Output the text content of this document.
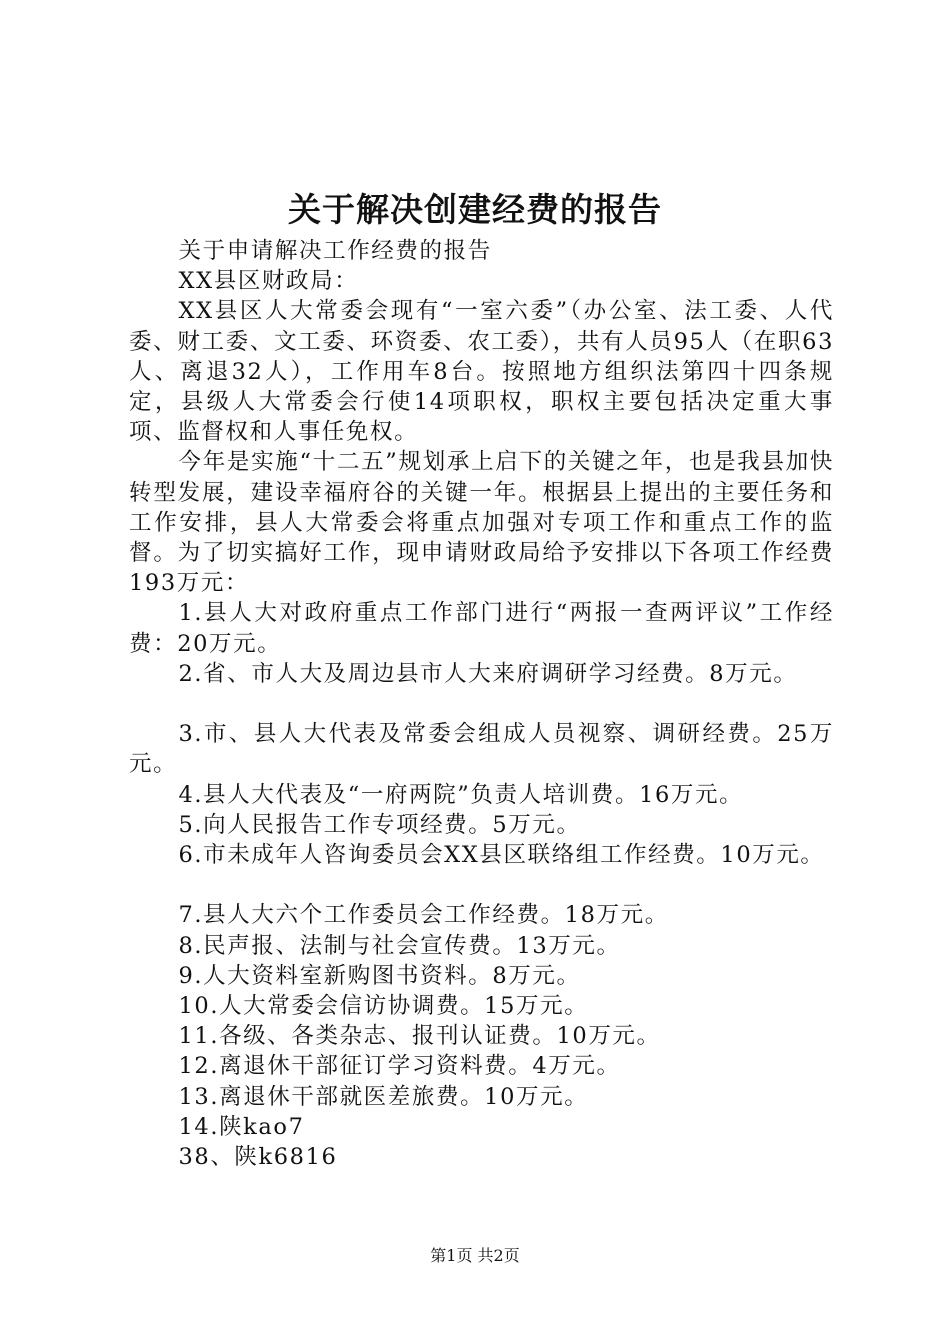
关于解决创建经费的报告

关于申请解决工作经费的报告

XX县区财政局：

XX县区人大常委会现有“一室六委”（办公室、法工委、人代委、财工委、文工委、环资委、农工委），共有人员95人（在职63人、离退32人），工作用车8台。按照地方组织法第四十四条规定，县级人大常委会行使14项职权，职权主要包括决定重大事项、监督权和人事任免权。

今年是实施“十二五”规划承上启下的关键之年，也是我县加快转型发展，建设幸福府谷的关键一年。根据县上提出的主要任务和工作安排，县人大常委会将重点加强对专项工作和重点工作的监督。为了切实搞好工作，现申请财政局给予安排以下各项工作经费193万元：

1.县人大对政府重点工作部门进行“两报一查两评议”工作经费：20万元。

2.省、市人大及周边县市人大来府调研学习经费。8万元。

3.市、县人大代表及常委会组成人员视察、调研经费。25万元。

4.县人大代表及“一府两院”负责人培训费。16万元。

5.向人民报告工作专项经费。5万元。

6.市未成年人咨询委员会XX县区联络组工作经费。10万元。

7.县人大六个工作委员会工作经费。18万元。

8.民声报、法制与社会宣传费。13万元。

9.人大资料室新购图书资料。8万元。

10.人大常委会信访协调费。15万元。

11.各级、各类杂志、报刊认证费。10万元。

12.离退休干部征订学习资料费。4万元。

13.离退休干部就医差旅费。10万元。

14.陕kao7

38、陕k6816

第1页 共2页
